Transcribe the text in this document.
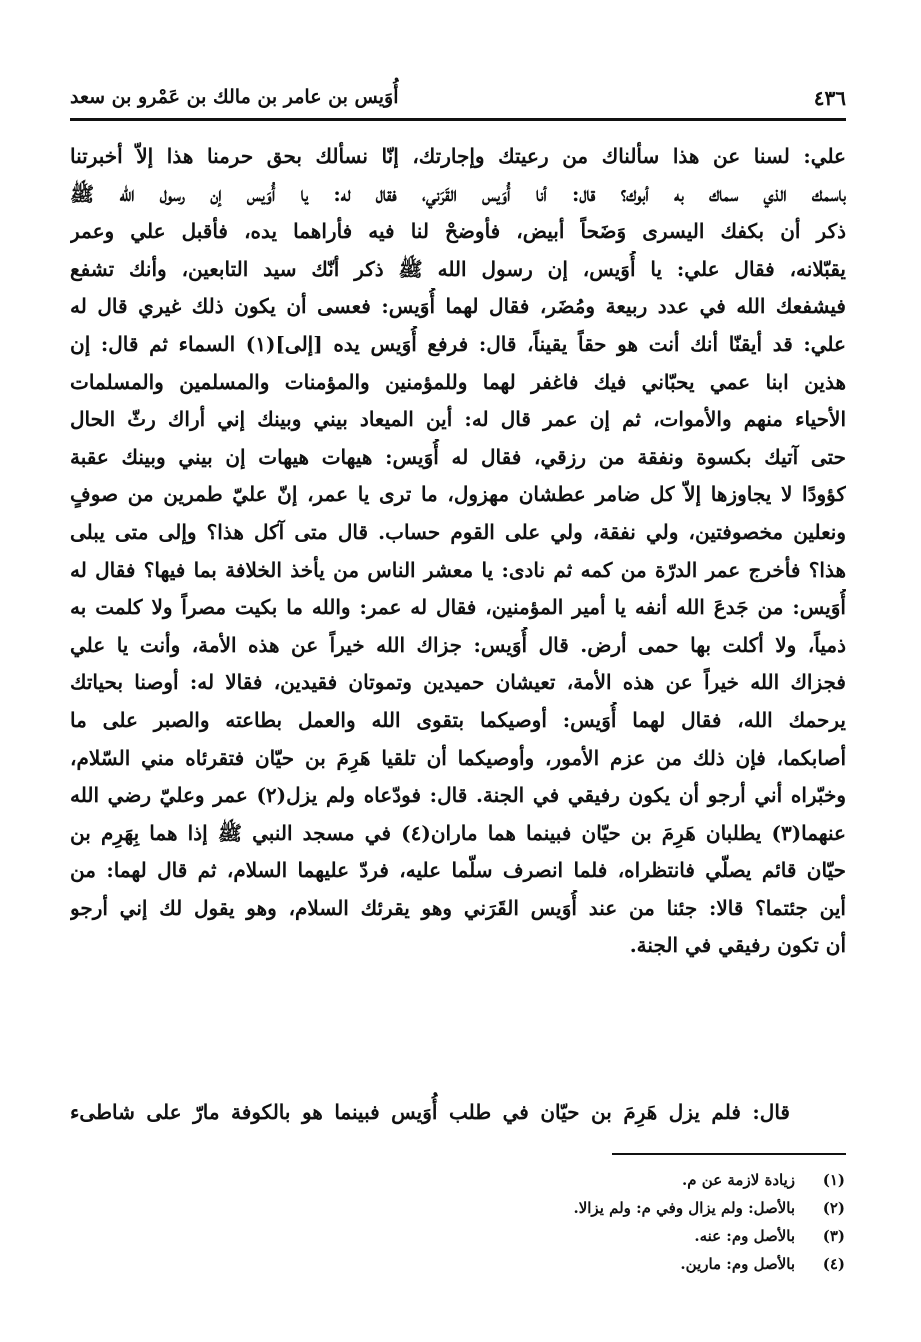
أُوَيس بن عامر بن مالك بن عَمْرو بن سعد	٤٣٦
علي: لسنا عن هذا سألناك من رعيتك وإجارتك، إنّا نسألك بحق حرمنا هذا إلاّ أخبرتنا
باسمك الذي سماك به أبوك؟ قال: أنا أُوَيس القَرَني، فقال له: يا أُوَيس إن رسول الله ﷺ
ذكر أن بكفك اليسرى وَضَحاً أبيض، فأوضحْ لنا فيه فأراهما يده، فأقبل علي وعمر
يقبّلانه، فقال علي: يا أُوَيس، إن رسول الله ﷺ ذكر أنّك سيد التابعين، وأنك تشفع
فيشفعك الله في عدد ربيعة ومُضَر، فقال لهما أُوَيس: فعسى أن يكون ذلك غيري قال له
علي: قد أيقنّا أنك أنت هو حقاً يقيناً، قال: فرفع أُوَيس يده [إلى](١) السماء ثم قال: إن
هذين ابنا عمي يحبّاني فيك فاغفر لهما وللمؤمنين والمؤمنات والمسلمين والمسلمات
الأحياء منهم والأموات، ثم إن عمر قال له: أين الميعاد بيني وبينك إني أراك رثّ الحال
حتى آتيك بكسوة ونفقة من رزقي، فقال له أُوَيس: هيهات هيهات إن بيني وبينك عقبة
كؤودًا لا يجاوزها إلاّ كل ضامر عطشان مهزول، ما ترى يا عمر، إنّ عليّ طمرين من صوفٍ
ونعلين مخصوفتين، ولي نفقة، ولي على القوم حساب. قال متى آكل هذا؟ وإلى متى يبلى
هذا؟ فأخرج عمر الدرّة من كمه ثم نادى: يا معشر الناس من يأخذ الخلافة بما فيها؟ فقال له
أُوَيس: من جَدعَ الله أنفه يا أمير المؤمنين، فقال له عمر: والله ما بكيت مصراً ولا كلمت به
ذمياً، ولا أكلت بها حمى أرض. قال أُوَيس: جزاك الله خيراً عن هذه الأمة، وأنت يا علي
فجزاك الله خيراً عن هذه الأمة، تعيشان حميدين وتموتان فقيدين، فقالا له: أوصنا بحياتك
يرحمك الله، فقال لهما أُوَيس: أوصيكما بتقوى الله والعمل بطاعته والصبر على ما
أصابكما، فإن ذلك من عزم الأمور، وأوصيكما أن تلقيا هَرِمَ بن حيّان فتقرئاه مني السّلام،
وخبّراه أني أرجو أن يكون رفيقي في الجنة. قال: فودّعاه ولم يزل(٢) عمر وعليّ رضي الله
عنهما(٣) يطلبان هَرِمَ بن حيّان فبينما هما ماران(٤) في مسجد النبي ﷺ إذا هما بِهَرِم بن
حيّان قائم يصلّي فانتظراه، فلما انصرف سلّما عليه، فردّ عليهما السلام، ثم قال لهما: من
أين جئتما؟ قالا: جئنا من عند أُوَيس القَرَني وهو يقرئك السلام، وهو يقول لك إني أرجو
أن تكون رفيقي في الجنة.
قال: فلم يزل هَرِمَ بن حيّان في طلب أُوَيس فبينما هو بالكوفة مارّ على شاطىء
(١)زيادة لازمة عن م.
(٢)بالأصل: ولم يزال وفي م: ولم يزالا.
(٣)بالأصل وم: عنه.
(٤)بالأصل وم: مارين.
